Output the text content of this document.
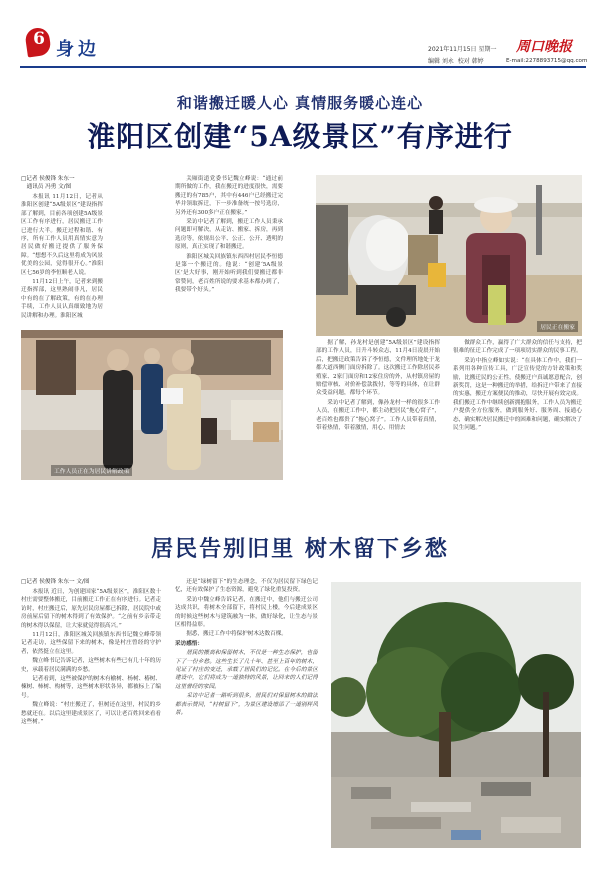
6 身边	2021年11月15日 星期一
编辑 刘永 校对 韩婷
周口晚报
E-mail:2278893715@qq.com
和谐搬迁暖人心 真情服务暖心连心
淮阳区创建“5A级景区”有序进行
□记者 侯俊锋 朱东一
通讯员 冯勇 文/图

本报讯 11月12日，记者从淮阳区创建“5A级景区”建设指挥部了解到，目前各项创建5A级景区工作有序进行，居民搬迁工作已进行大半。搬迁过程和谐、有序，所有工作人员用真情实意为居民做好搬迁提供了服务保障。“想想不久后这里将成为风景优美的公园，觉得很开心。”淮阳区七56岁的李恒顺老人说。

11月12日上午，记者来到搬迁指挥部，这里熟闹非凡，居民中有的在了解政策，有的在办理手续，工作人员认真细致地为居民讲解和办理。淮阳区城

关厢街道党委书记魏立峰说：“通过前期所做的工作，我在搬迁的进度很快，需要搬迁的有785户，其中有446户已经搬迁完毕并领取拆迁，下一步准备统一按号选房，另外还有300多户正在搬家。”

采访中记者了解到，搬迁工作人员秉承问题即可解决，从走访、搬家、拆房，再到选房等，依规出公平、公正、公开、透明的原则，真正实现了和谐搬迁。

淮阳区城关回族镇东西四村居民李恒德是第一个搬迁的。他说：“创建‘5A级景区’是大好事，刚开始听到我们要搬迁都非常赞同，老百姓所说的要求基本都办到了，我要带个好头。”

居民正在搬家
工作人员正在为居民讲解政策

据了解，孙龙村是创建“5A级景区”建设指挥部的工作人员，日升斗转众志，11月4日凌晨开始后，把搬迁政策告诉了李恒德，文件理所地处于龙都大道西侧门面房拆除了。这次搬迁工作除居民养殖家、2家门面房和12家住房的外，从村镇房屋的赔偿审核、对价补偿款拨付，等等的具体，在让群众受益问题，都每个环节。

采访中记者了解到，像孙龙村一样的很多工作人员，在搬迁工作中，都主动把居民“拖心窝子”，老百姓也都贵了“拖心窝子”。工作人员带着真情，带着热情，带着激情，用心、用情去

做群众工作，赢得了广大群众的信任与支持，把很难的征迁工作完成了一项项切实群众的民事工程。

采访中指立峰如实说：“在具体工作中，我们一系列用各种宣传工具，广泛宣传党的方针政策和奖励，比搬迁民的公正性，使搬迁户真诚愿意配合，创新奖罚，这是一种搬迁的举措，给拆迁户带来了直接的实惠，搬迁方案便民的推动，尽快开展有效完成。我们搬迁工作中继续创新拥抱服务，工作人员为搬迁户提供全方位服务，做到服务好、服务周、接通心态，确实解决居民搬迁中的困难和问题，确实解决了民生问题。”

居民告别旧里 树木留下乡愁
□记者 侯俊锋 朱东一 文/图

本报讯 近日，为创建国家“5A级景区”，淮阳区数十村庄需要整体搬迁，目前搬迁工作正在有序进行。记者走访时，村庄搬迁后，原先居民房屋都已拆除，居民院中或房前屋后留下的树木得到了有效保护。“之前有乡亲带走的树木得以保留，让大家就觉得很高兴。”

11月12日，淮阳区城关回族镇东西书记魏立峰带领记者走访，这些保留下来的树木，像是村庄曾经的守护者，依然挺立在这里。

魏立峰书记告诉记者，这些树木有些已有几十年的历史，承载着居民满满的乡愁。

记者看到，这些被保护的树木有榆树、杨树、椿树、楝树、柿树、构树等，这些树木形状各异，都被标上了编号。

魏立峰说：“村庄搬迁了，但树还在这里，村民的乡愁就还在。以后这里建成景区了，可以让老百姓回来看看这些树。”

还是“绿树留下”的生态理念，不仅为居民留下绿色记忆，还有效保护了生态资源，避免了绿化重复投资。

采访中魏立峰告诉记者，在搬迁中，他们与搬迁公司达成共识，将树木全部留下，将村民上楼，今后建成景区的时候这些树木与建筑融为一体，做好绿化，让生态与景区相得益彰。

据悉，搬迁工作中将保护树木达数百棵。

采访感悟：

居民的搬离和保留树木，不仅是一种生态保护，也留下了一份乡愁。这些生长了几十年、甚至上百年的树木，见证了村庄的变迁，承载了居民们的记忆。在今后的景区建设中，它们将成为一道独特的风景，让回来的人们记得这里曾经的家园。

采访中记者一路听到很多，居民们对保留树木的做法都表示赞同，“村树留下”，为景区建设增添了一道别样风景。
